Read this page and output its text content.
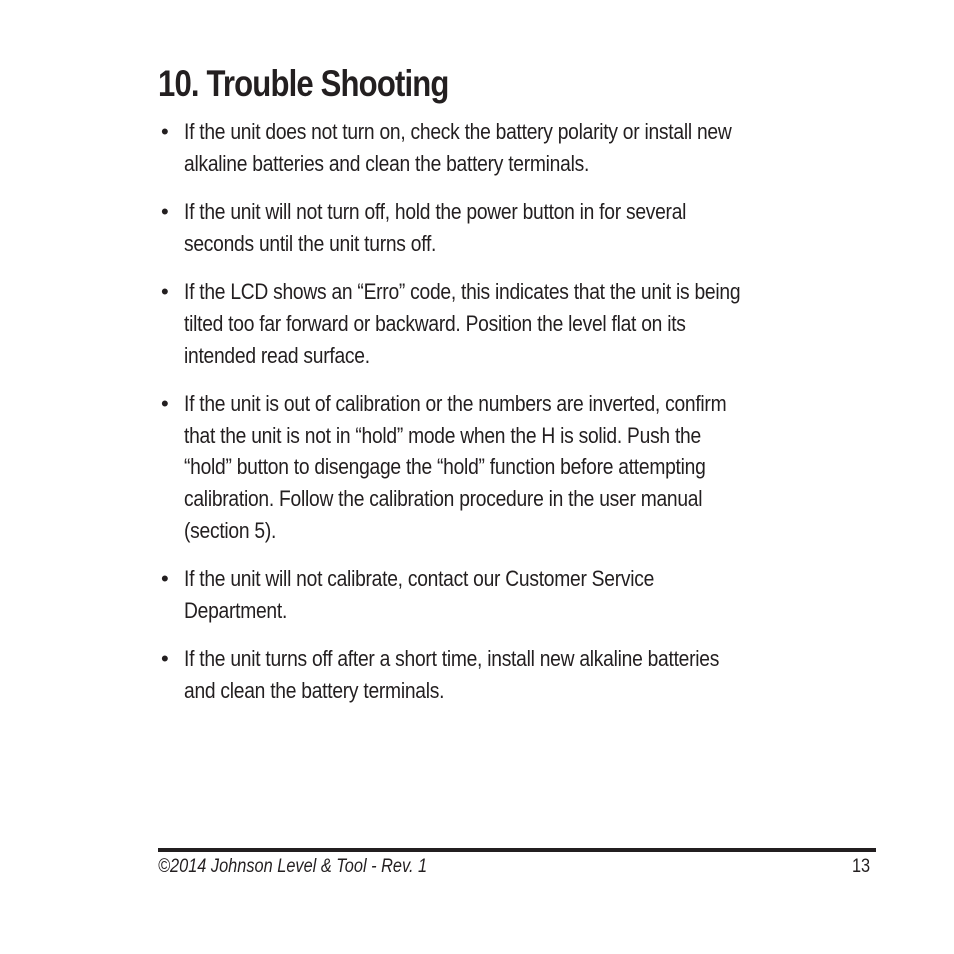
10. Trouble Shooting
• If the unit does not turn on, check the battery polarity or install new
alkaline batteries and clean the battery terminals.
• If the unit will not turn off, hold the power button in for several
seconds until the unit turns off.
• If the LCD shows an “Erro” code, this indicates that the unit is being
tilted too far forward or backward. Position the level flat on its
intended read surface.
• If the unit is out of calibration or the numbers are inverted, confirm
that the unit is not in “hold” mode when the H is solid. Push the
“hold” button to disengage the “hold” function before attempting
calibration. Follow the calibration procedure in the user manual
(section 5).
• If the unit will not calibrate, contact our Customer Service
Department.
• If the unit turns off after a short time, install new alkaline batteries
and clean the battery terminals.
©2014 Johnson Level & Tool - Rev. 1	13
